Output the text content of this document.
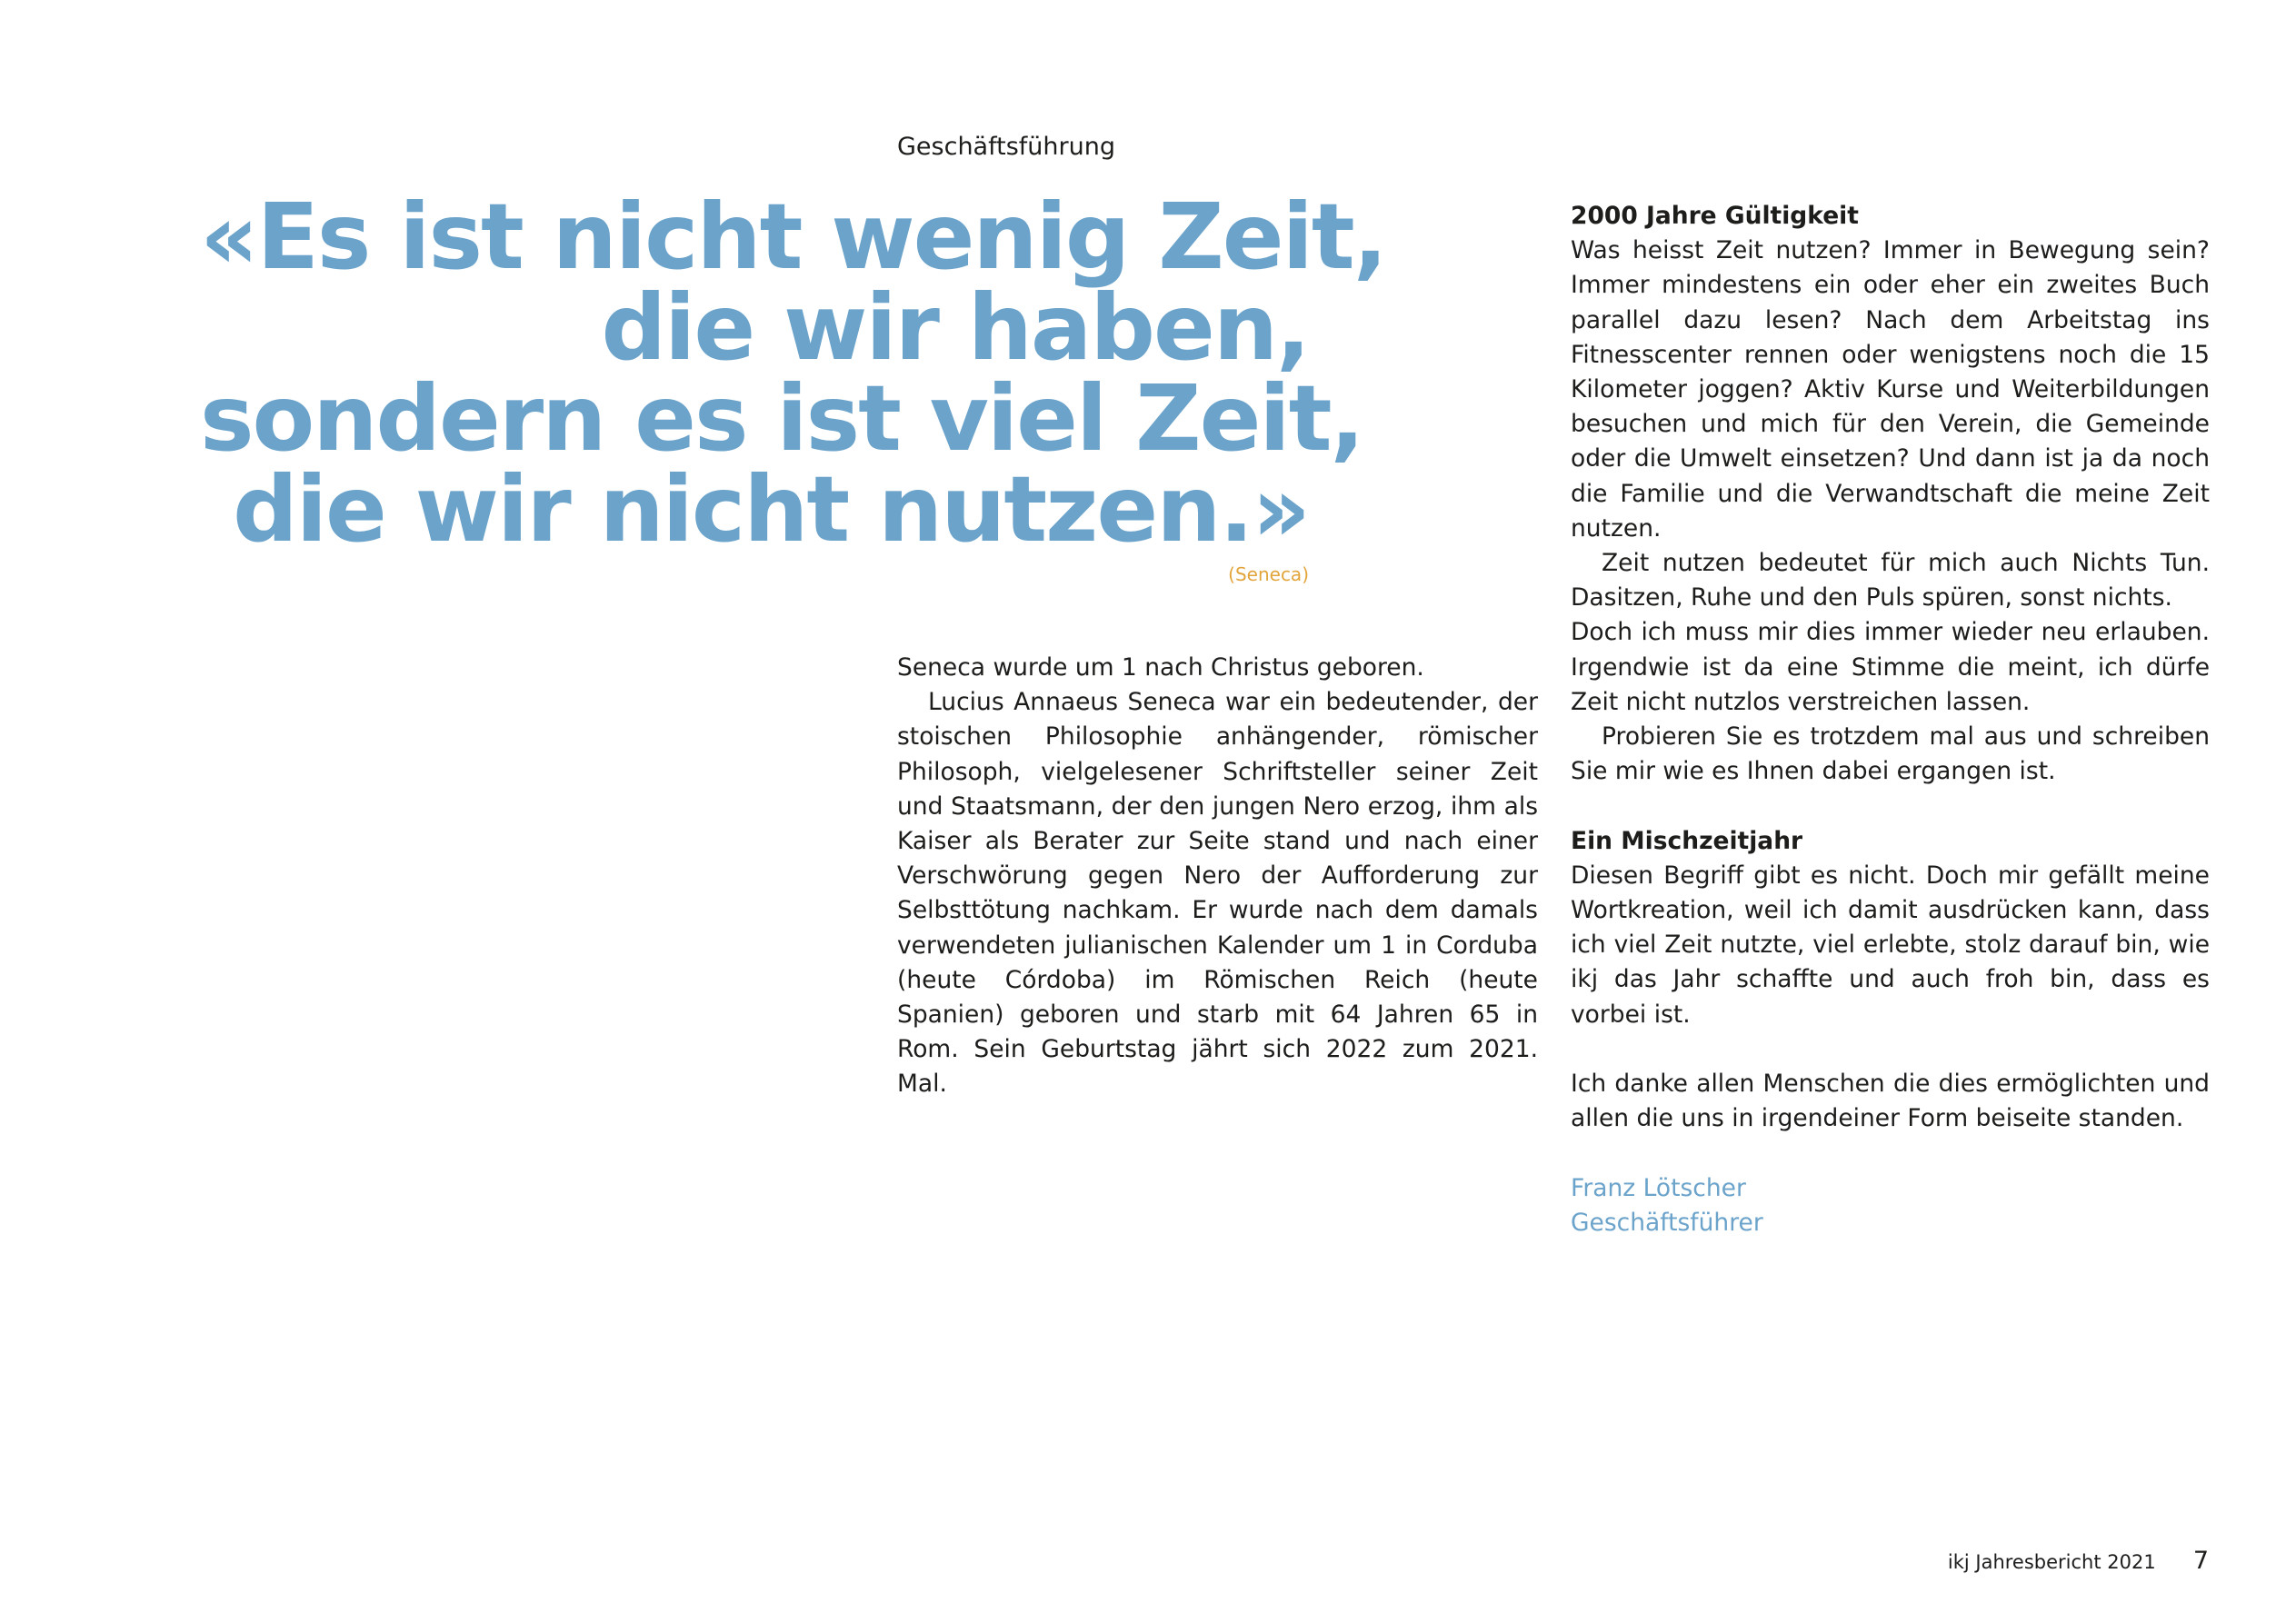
Geschäftsführung
«Es ist nicht wenig Zeit,
die wir haben,
sondern es ist viel Zeit,
die wir nicht nutzen.»
(Seneca)

Seneca wurde um 1 nach Christus geboren.

Lucius Annaeus Seneca war ein bedeutender, der stoischen Philosophie anhängender, römischer Philosoph, vielgelesener Schriftsteller seiner Zeit und Staatsmann, der den jungen Nero erzog, ihm als Kaiser als Berater zur Seite stand und nach einer Verschwörung gegen Nero der Aufforderung zur Selbsttötung nachkam. Er wurde nach dem damals verwendeten julianischen Kalender um 1 in Corduba (heute Córdoba) im Römischen Reich (heute Spanien) geboren und starb mit 64 Jahren 65 in Rom. Sein Geburtstag jährt sich 2022 zum 2021. Mal.

2000 Jahre Gültigkeit

Was heisst Zeit nutzen? Immer in Bewegung sein? Immer mindestens ein oder eher ein zweites Buch parallel dazu lesen? Nach dem Arbeitstag ins Fitnesscenter rennen oder wenigstens noch die 15 Kilometer joggen? Aktiv Kurse und Weiterbildungen besuchen und mich für den Verein, die Gemeinde oder die Umwelt einsetzen? Und dann ist ja da noch die Familie und die Verwandtschaft die meine Zeit nutzen.

Zeit nutzen bedeutet für mich auch Nichts Tun. Dasitzen, Ruhe und den Puls spüren, sonst nichts.

Doch ich muss mir dies immer wieder neu erlauben. Irgendwie ist da eine Stimme die meint, ich dürfe Zeit nicht nutzlos verstreichen lassen.

Probieren Sie es trotzdem mal aus und schreiben Sie mir wie es Ihnen dabei ergangen ist.

Ein Mischzeitjahr

Diesen Begriff gibt es nicht. Doch mir gefällt meine Wortkreation, weil ich damit ausdrücken kann, dass ich viel Zeit nutzte, viel erlebte, stolz darauf bin, wie ikj das Jahr schaffte und auch froh bin, dass es vorbei ist.

Ich danke allen Menschen die dies ermöglichten und allen die uns in irgendeiner Form beiseite standen.

Franz Lötscher
Geschäftsführer
ikj Jahresbericht 2021 7
